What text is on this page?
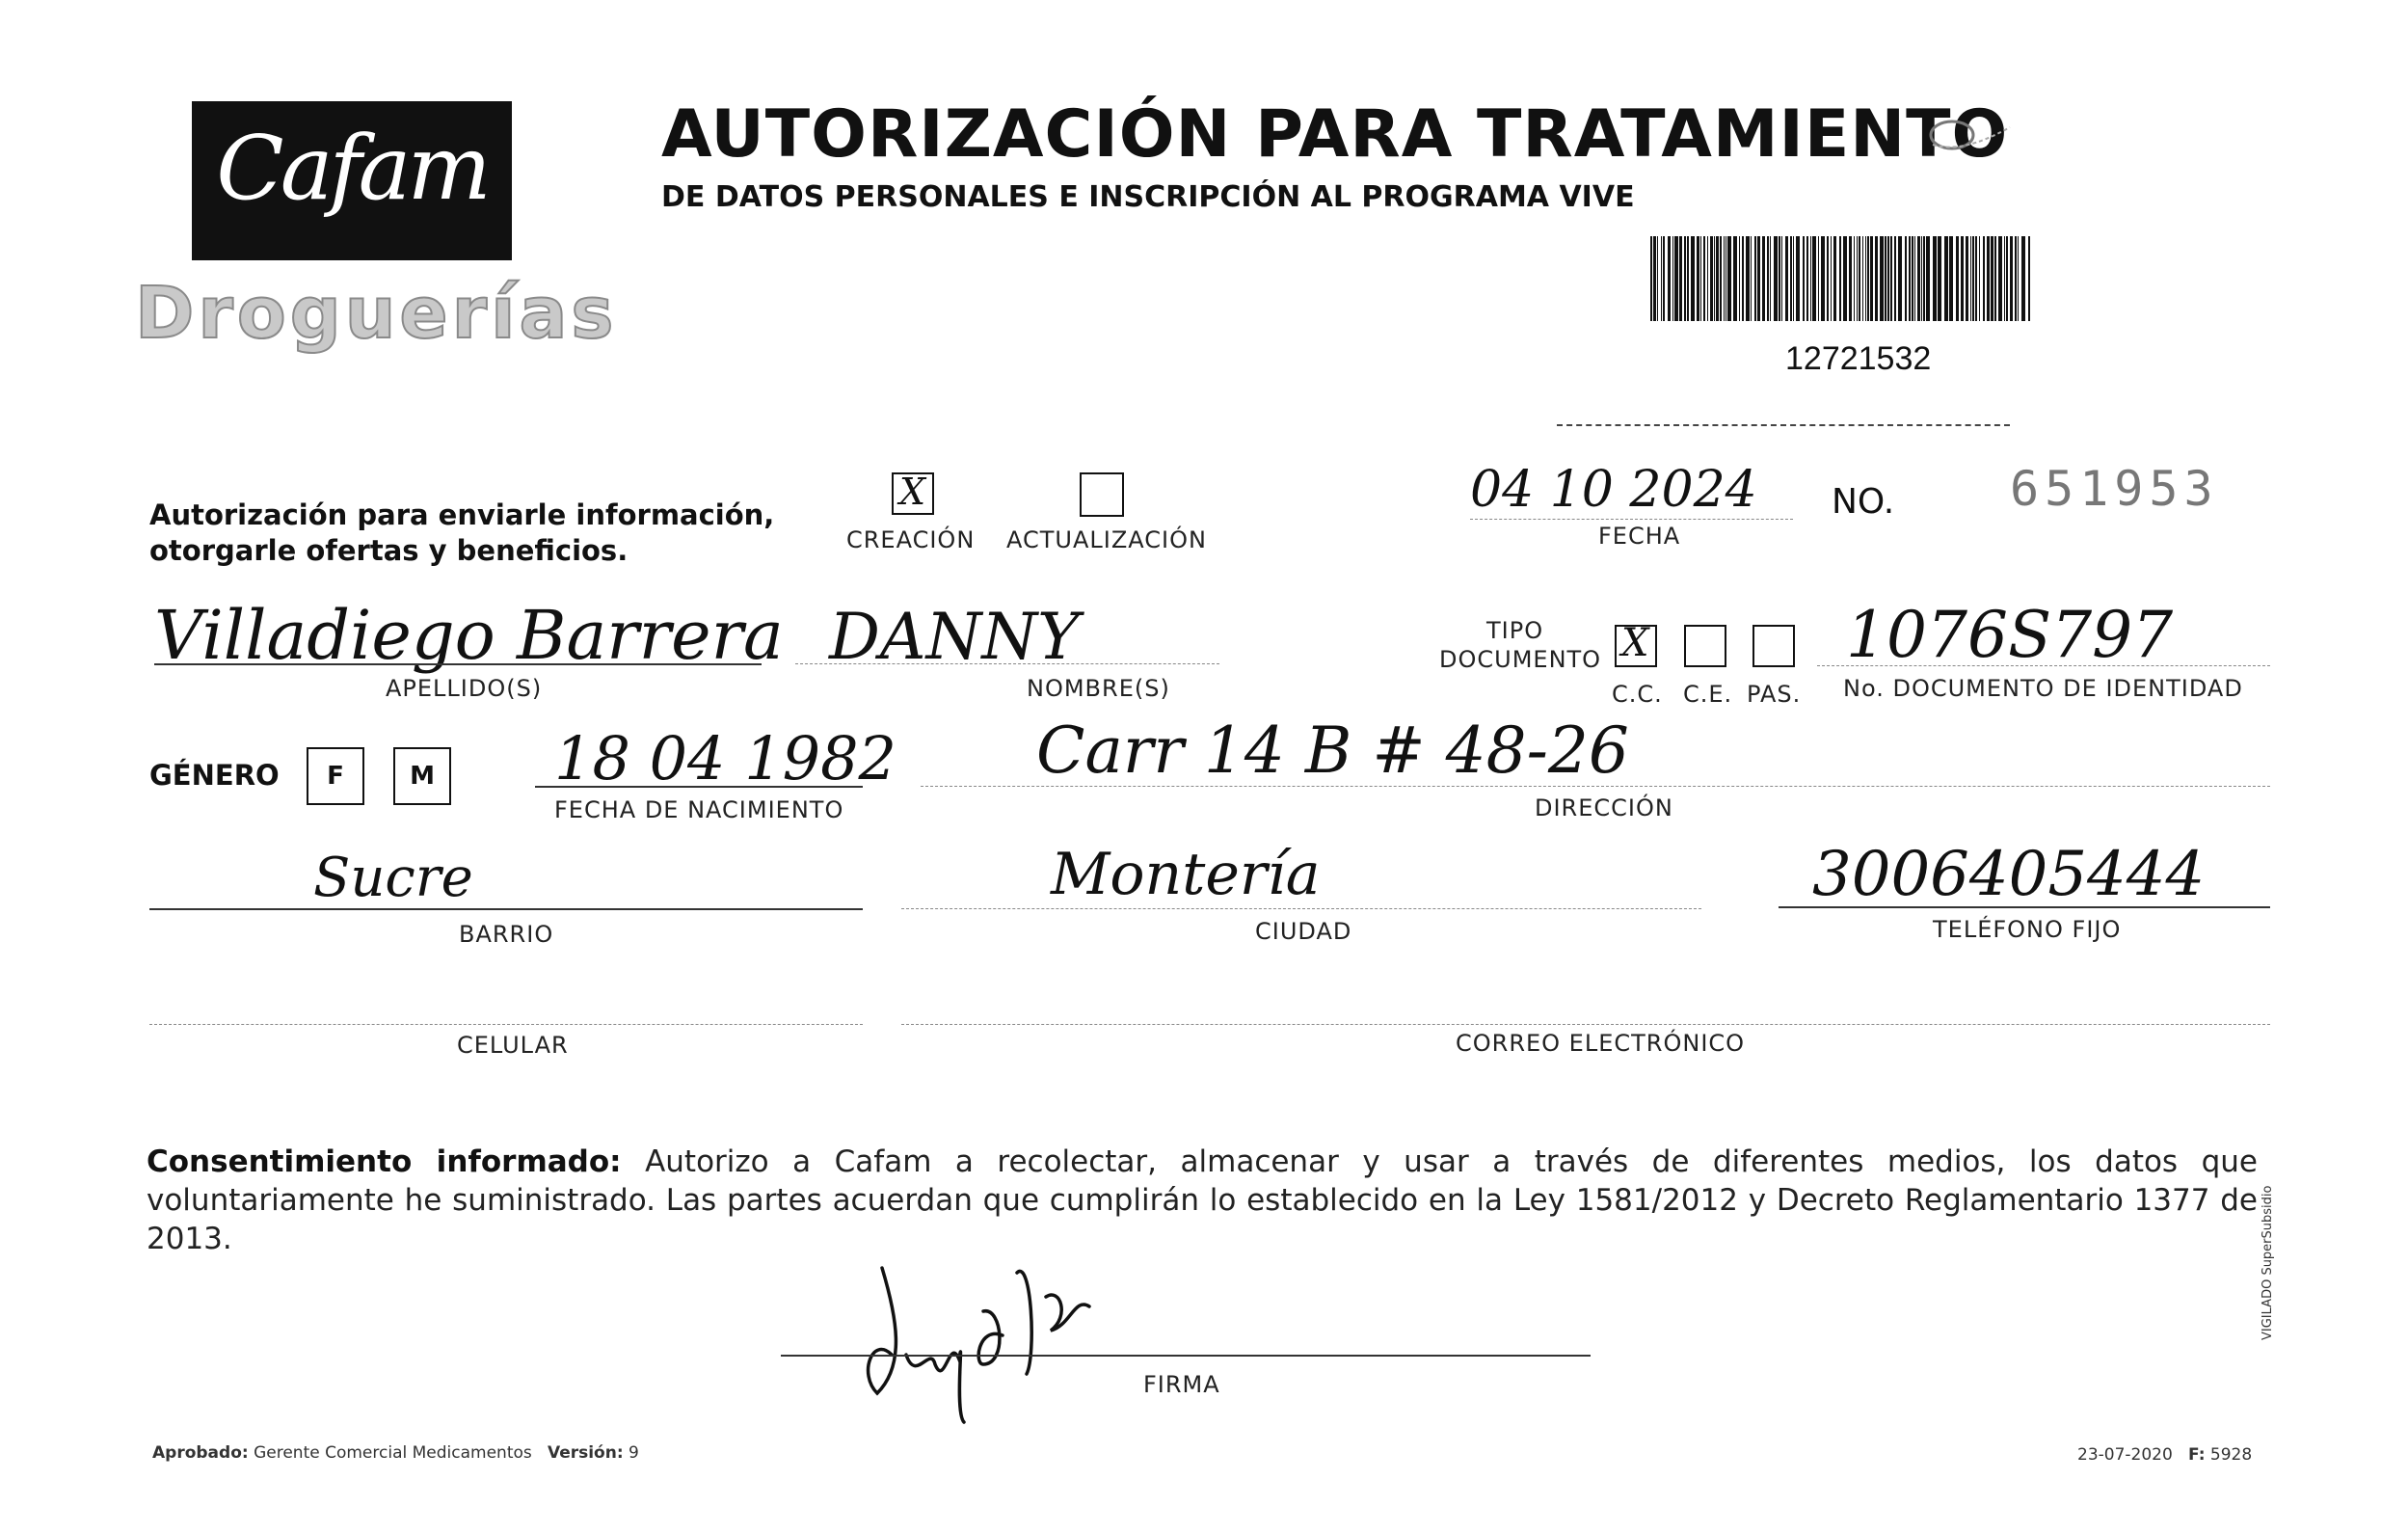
Cafam
Droguerías
AUTORIZACIÓN PARA TRATAMIENTO
DE DATOS PERSONALES E INSCRIPCIÓN AL PROGRAMA VIVE
12721532
Autorización para enviarle información,
otorgarle ofertas y beneficios.
X
CREACIÓN ACTUALIZACIÓN
04 10 2024
FECHA
NO. 651953
Villadiego Barrera
APELLIDO(S)
DANNY
NOMBRE(S)
TIPO
DOCUMENTO X
C.C. C.E. PAS.
1076S797
No. DOCUMENTO DE IDENTIDAD
GÉNERO	F	M 18 04 1982
FECHA DE NACIMIENTO
Carr 14 B # 48-26
DIRECCIÓN
Sucre
BARRIO
Montería
CIUDAD
3006405444
TELÉFONO FIJO
CELULAR	CORREO ELECTRÓNICO
Consentimiento informado: Autorizo a Cafam a recolectar, almacenar y usar a través de diferentes medios, los datos que voluntariamente he suministrado. Las partes acuerdan que cumplirán lo establecido en la Ley 1581/2012 y Decreto Reglamentario 1377 de 2013.
FIRMA
Aprobado: Gerente Comercial Medicamentos Versión: 9	23-07-2020 F: 5928
VIGILADO SuperSubsidio
